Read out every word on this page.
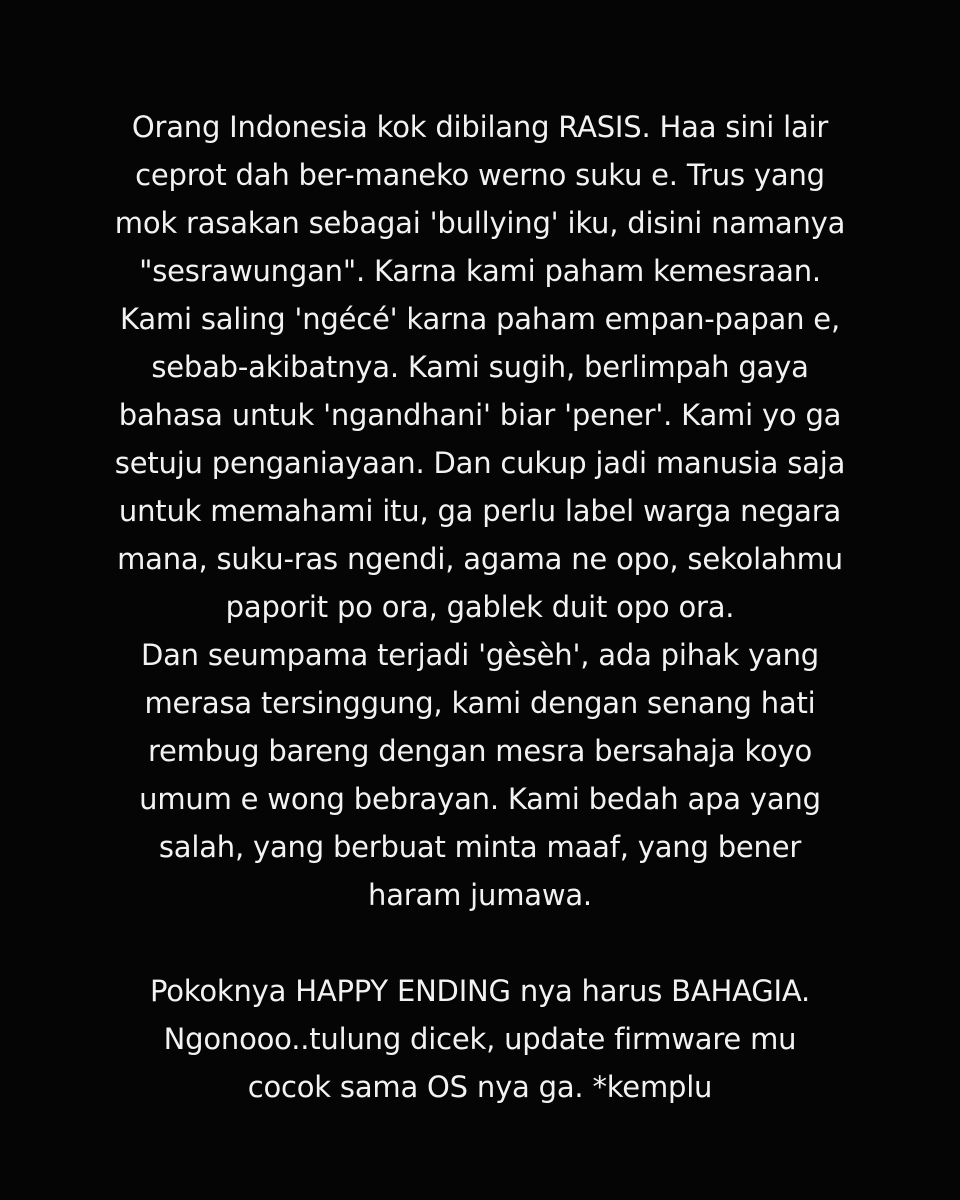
Orang Indonesia kok dibilang RASIS. Haa sini lair
ceprot dah ber-maneko werno suku e. Trus yang
mok rasakan sebagai 'bullying' iku, disini namanya
"sesrawungan". Karna kami paham kemesraan.
Kami saling 'ngécé' karna paham empan-papan e,
sebab-akibatnya. Kami sugih, berlimpah gaya
bahasa untuk 'ngandhani' biar 'pener'. Kami yo ga
setuju penganiayaan. Dan cukup jadi manusia saja
untuk memahami itu, ga perlu label warga negara
mana, suku-ras ngendi, agama ne opo, sekolahmu
paporit po ora, gablek duit opo ora.
Dan seumpama terjadi 'gèsèh', ada pihak yang
merasa tersinggung, kami dengan senang hati
rembug bareng dengan mesra bersahaja koyo
umum e wong bebrayan. Kami bedah apa yang
salah, yang berbuat minta maaf, yang bener
haram jumawa.
Pokoknya HAPPY ENDING nya harus BAHAGIA.
Ngonooo..tulung dicek, update firmware mu
cocok sama OS nya ga. *kemplu
